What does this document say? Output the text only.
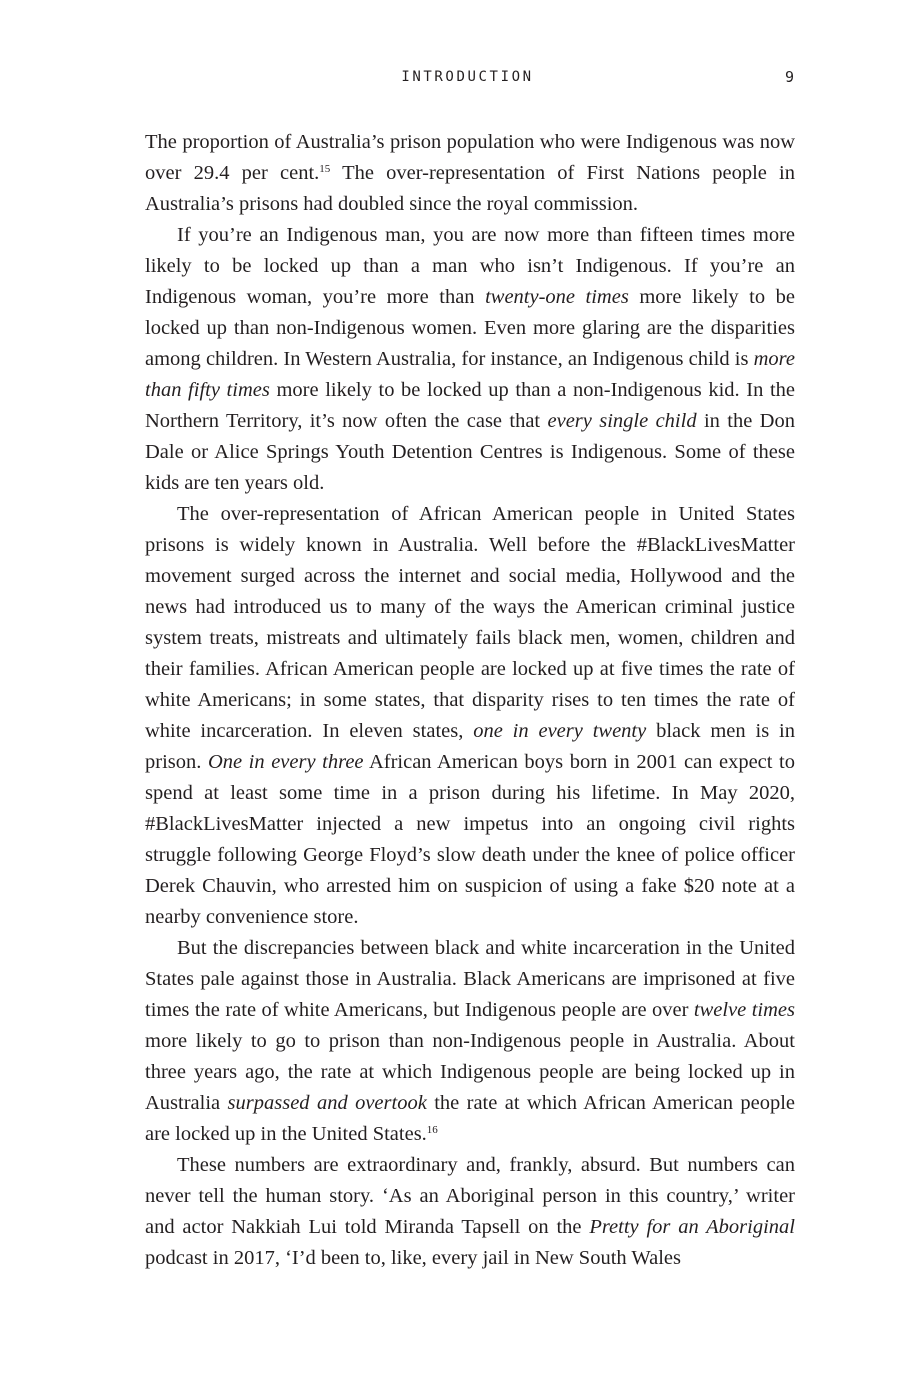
INTRODUCTION	9

The proportion of Australia’s prison population who were Indigenous was now over 29.4 per cent.$^{15}$ The over-representation of First Nations people in Australia’s prisons had doubled since the royal commission.

If you’re an Indigenous man, you are now more than fifteen times more likely to be locked up than a man who isn’t Indigenous. If you’re an Indigenous woman, you’re more than twenty-one times more likely to be locked up than non-Indigenous women. Even more glaring are the disparities among children. In Western Australia, for instance, an Indigenous child is more than fifty times more likely to be locked up than a non-Indigenous kid. In the Northern Territory, it’s now often the case that every single child in the Don Dale or Alice Springs Youth Detention Centres is Indigenous. Some of these kids are ten years old.

The over-representation of African American people in United States prisons is widely known in Australia. Well before the #BlackLivesMatter movement surged across the internet and social media, Hollywood and the news had introduced us to many of the ways the American criminal justice system treats, mistreats and ultimately fails black men, women, children and their families. African American people are locked up at five times the rate of white Americans; in some states, that disparity rises to ten times the rate of white incarceration. In eleven states, one in every twenty black men is in prison. One in every three African American boys born in 2001 can expect to spend at least some time in a prison during his lifetime. In May 2020, #BlackLivesMatter injected a new impetus into an ongoing civil rights struggle following George Floyd’s slow death under the knee of police officer Derek Chauvin, who arrested him on suspicion of using a fake $20 note at a nearby convenience store.

But the discrepancies between black and white incarceration in the United States pale against those in Australia. Black Americans are imprisoned at five times the rate of white Americans, but Indigenous people are over twelve times more likely to go to prison than non-Indigenous people in Australia. About three years ago, the rate at which Indigenous people are being locked up in Australia surpassed and overtook the rate at which African American people are locked up in the United States.$^{16}$

These numbers are extraordinary and, frankly, absurd. But numbers can never tell the human story. ‘As an Aboriginal person in this country,’ writer and actor Nakkiah Lui told Miranda Tapsell on the Pretty for an Aboriginal podcast in 2017, ‘I’d been to, like, every jail in New South Wales
